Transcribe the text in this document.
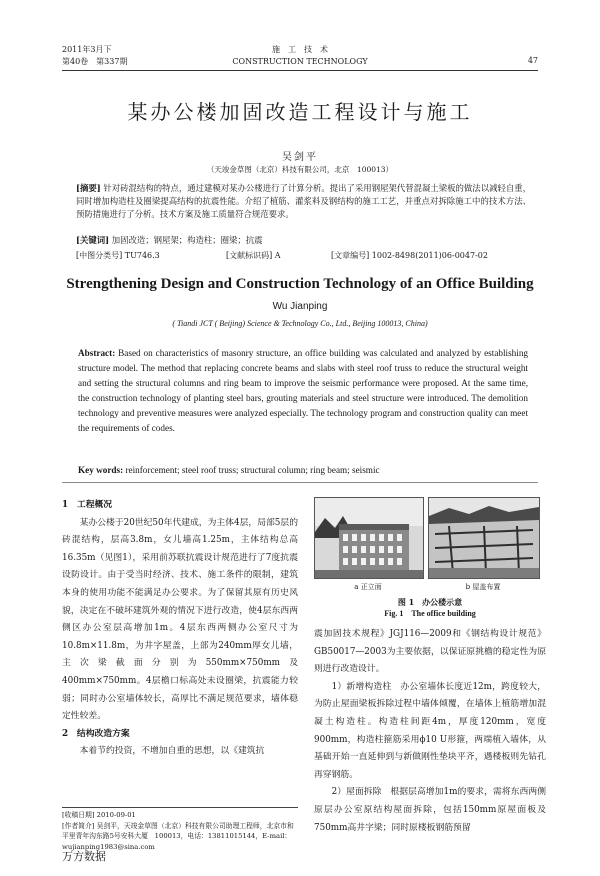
2011年3月下
第40卷　第337期
施　工　技　术
CONSTRUCTION TECHNOLOGY	47
某办公楼加固改造工程设计与施工
吴剑平
（天竣金草图（北京）科技有限公司，北京　100013）
[摘要] 针对砖混结构的特点，通过建模对某办公楼进行了计算分析。提出了采用钢屋架代替混凝土梁板的做法以减轻自重，同时增加构造柱及圈梁提高结构的抗震性能。介绍了植筋、灌浆料及钢结构的施工工艺，并重点对拆除施工中的技术方法、预防措施进行了分析。技术方案及施工质量符合规范要求。
[关键词] 加固改造；钢屋架；构造柱；圈梁；抗震
[中图分类号] TU746.3	[文献标识码] A	[文章编号] 1002-8498(2011)06-0047-02
Strengthening Design and Construction Technology of an Office Building
Wu Jianping
( Tiandi JCT ( Beijing) Science & Technology Co., Ltd., Beijing 100013, China)
Abstract: Based on characteristics of masonry structure, an office building was calculated and analyzed by establishing structure model. The method that replacing concrete beams and slabs with steel roof truss to reduce the structural weight and setting the structural columns and ring beam to improve the seismic performance were proposed. At the same time, the construction technology of planting steel bars, grouting materials and steel structure were introduced. The demolition technology and preventive measures were analyzed especially. The technology program and construction quality can meet the requirements of codes.
Key words: reinforcement; steel roof truss; structural column; ring beam; seismic

1　工程概况

某办公楼于20世纪50年代建成，为主体4层，局部5层的砖混结构，层高3.8m，女儿墙高1.25m，主体结构总高16.35m（见图1），采用前苏联抗震设计规范进行了7度抗震设防设计。由于受当时经济、技术、施工条件的限制，建筑本身的使用功能不能满足办公要求。为了保留其原有历史风貌，决定在不破坏建筑外观的情况下进行改造，使4层东西两侧区办公室层高增加1m。4层东西两侧办公室尺寸为10.8m×11.8m，为井字屋盖，上部为240mm厚女儿墙，主次梁截面分别为550mm×750mm及400mm×750mm。4层檐口标高处未设圈梁，抗震能力较弱；同时办公室墙体较长，高厚比不满足规范要求，墙体稳定性较差。

2　结构改造方案

本着节约投资，不增加自重的思想，以《建筑抗

a 正立面	b 屋盖布置
图 1　办公楼示意
Fig. 1　The office building

震加固技术规程》JGJ116—2009和《钢结构设计规范》GB50017—2003为主要依据，以保证原挑檐的稳定性为原则进行改造设计。

1）新增构造柱　办公室墙体长度近12m，跨度较大，为防止屋面梁板拆除过程中墙体倾覆，在墙体上植筋增加混凝土构造柱。构造柱间距4m，厚度120mm，宽度900mm，构造柱箍筋采用ϕ10 U形箍，两端植入墙体，从基础开始一直延伸到与新做刚性垫块平齐，遇楼板则先钻孔再穿钢筋。

2）屋面拆除　根据层高增加1m的要求，需将东西两侧原层办公室原结构屋面拆除，包括150mm原屋面板及750mm高井字梁；同时原楼板钢筋预留

[收稿日期] 2010-09-01
[作者简介] 吴剑平，天竣金草图（北京）科技有限公司助理工程师，北京市和平里青年沟东路5号安科大厦　100013，电话：13811015144，E-mail：wujianping1983@sina.com
万方数据
